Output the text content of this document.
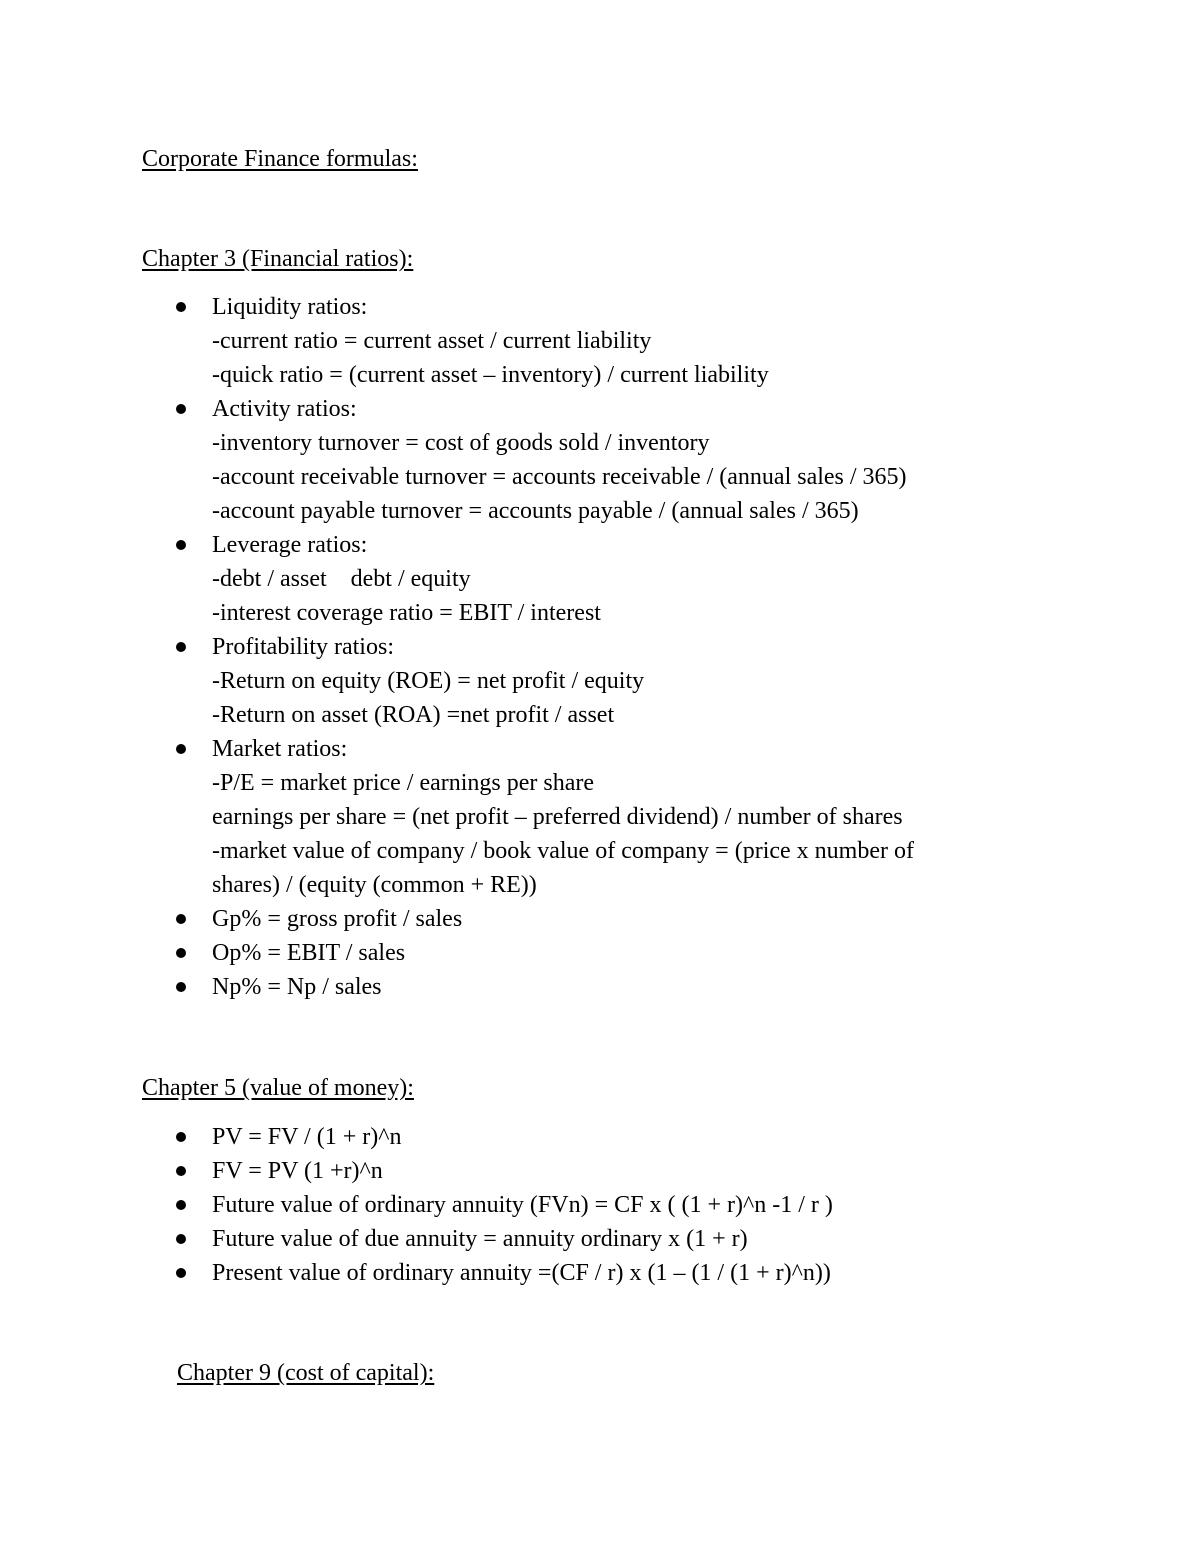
Corporate Finance formulas:
Chapter 3 (Financial ratios):
Liquidity ratios:
-current ratio = current asset / current liability
-quick ratio = (current asset – inventory) / current liability
Activity ratios:
-inventory turnover = cost of goods sold / inventory
-account receivable turnover = accounts receivable / (annual sales / 365)
-account payable turnover = accounts payable / (annual sales / 365)
Leverage ratios:
-debt / asset    debt / equity
-interest coverage ratio = EBIT / interest
Profitability ratios:
-Return on equity (ROE) = net profit / equity
-Return on asset (ROA) =net profit / asset
Market ratios:
-P/E = market price / earnings per share
earnings per share = (net profit – preferred dividend) / number of shares
-market value of company / book value of company = (price x number of
shares) / (equity (common + RE))
Gp% = gross profit / sales
Op% = EBIT / sales
Np% = Np / sales
Chapter 5 (value of money):
PV = FV / (1 + r)^n
FV = PV (1 +r)^n
Future value of ordinary annuity (FVn) = CF x ( (1 + r)^n -1 / r )
Future value of due annuity = annuity ordinary x (1 + r)
Present value of ordinary annuity =(CF / r) x (1 – (1 / (1 + r)^n))
Chapter 9 (cost of capital):
